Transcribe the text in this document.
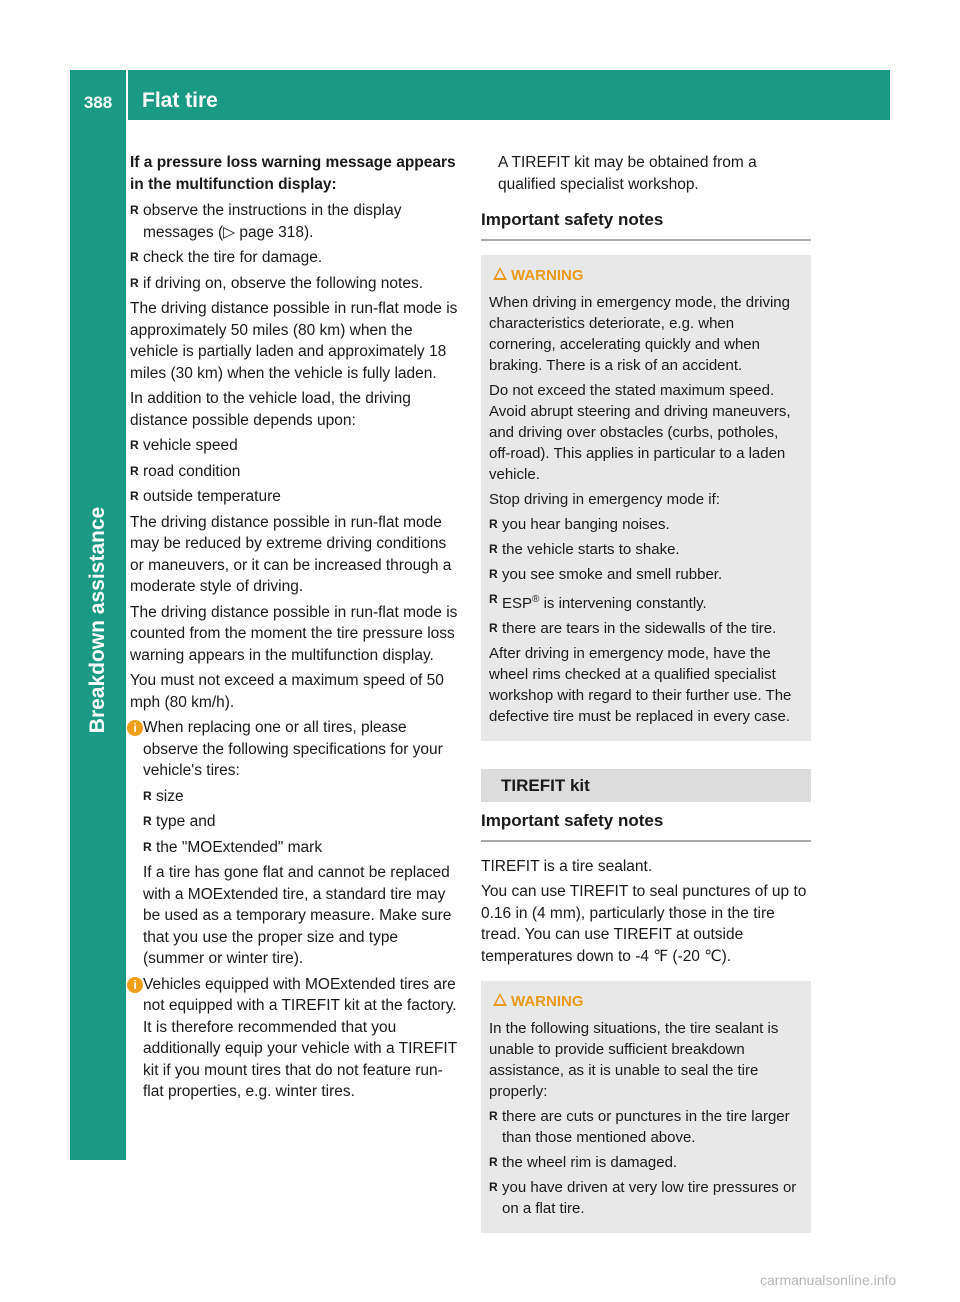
388	Flat tire
Breakdown assistance

If a pressure loss warning message appears in the multifunction display:

R observe the instructions in the display messages (▷ page 318).
R check the tire for damage.
R if driving on, observe the following notes.

The driving distance possible in run-flat mode is approximately 50 miles (80 km) when the vehicle is partially laden and approximately 18 miles (30 km) when the vehicle is fully laden.

In addition to the vehicle load, the driving distance possible depends upon:

R vehicle speed
R road condition
R outside temperature

The driving distance possible in run-flat mode may be reduced by extreme driving conditions or maneuvers, or it can be increased through a moderate style of driving.

The driving distance possible in run-flat mode is counted from the moment the tire pressure loss warning appears in the multifunction display.

You must not exceed a maximum speed of 50 mph (80 km/h).

i When replacing one or all tires, please observe the following specifications for your vehicle's tires:

R size
R type and
R the "MOExtended" mark

If a tire has gone flat and cannot be replaced with a MOExtended tire, a standard tire may be used as a temporary measure. Make sure that you use the proper size and type (summer or winter tire).

i Vehicles equipped with MOExtended tires are not equipped with a TIREFIT kit at the factory. It is therefore recommended that you additionally equip your vehicle with a TIREFIT kit if you mount tires that do not feature run-flat properties, e.g. winter tires.

A TIREFIT kit may be obtained from a qualified specialist workshop.

Important safety notes
WARNING

When driving in emergency mode, the driving characteristics deteriorate, e.g. when cornering, accelerating quickly and when braking. There is a risk of an accident.

Do not exceed the stated maximum speed. Avoid abrupt steering and driving maneuvers, and driving over obstacles (curbs, potholes, off-road). This applies in particular to a laden vehicle.

Stop driving in emergency mode if:

R you hear banging noises.
R the vehicle starts to shake.
R you see smoke and smell rubber.
R ESP® is intervening constantly.
R there are tears in the sidewalls of the tire.

After driving in emergency mode, have the wheel rims checked at a qualified specialist workshop with regard to their further use. The defective tire must be replaced in every case.

TIREFIT kit
Important safety notes

TIREFIT is a tire sealant.

You can use TIREFIT to seal punctures of up to 0.16 in (4 mm), particularly those in the tire tread. You can use TIREFIT at outside temperatures down to -4 ℉ (-20 ℃).

WARNING

In the following situations, the tire sealant is unable to provide sufficient breakdown assistance, as it is unable to seal the tire properly:

R there are cuts or punctures in the tire larger than those mentioned above.
R the wheel rim is damaged.
R you have driven at very low tire pressures or on a flat tire.
carmanualsonline.info
